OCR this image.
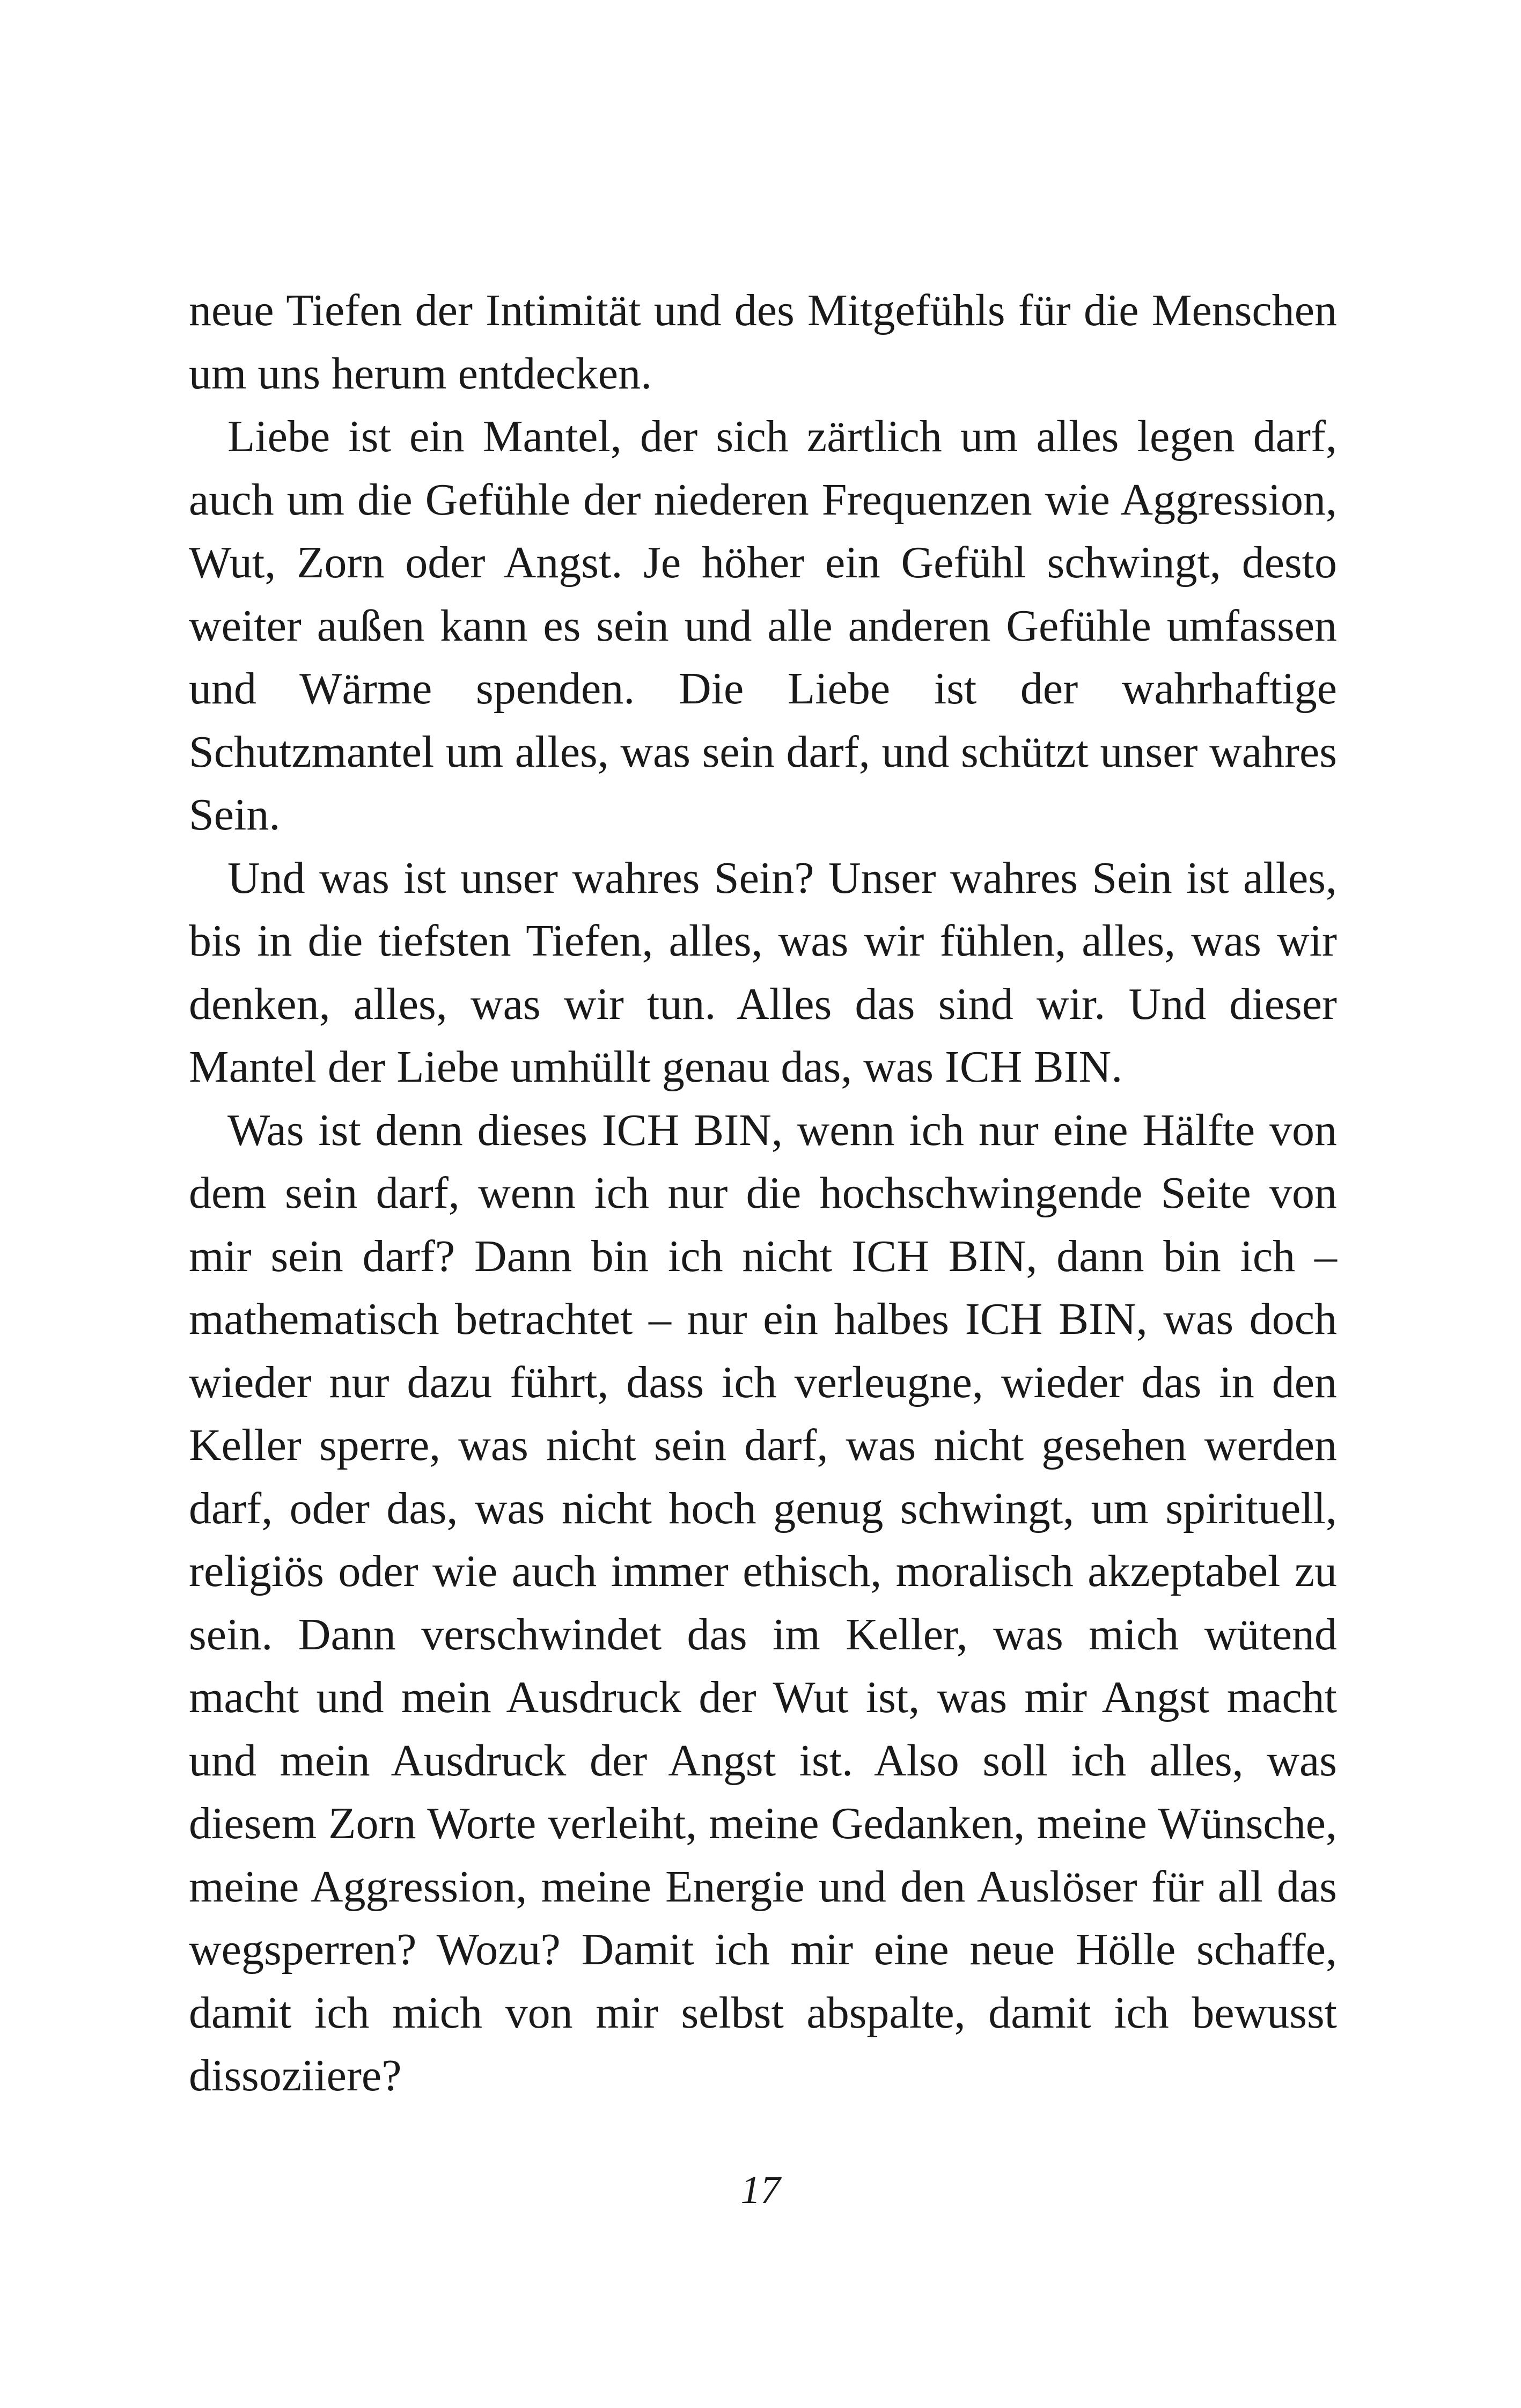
neue Tiefen der Intimität und des Mitgefühls für die Menschen um uns herum entdecken.

Liebe ist ein Mantel, der sich zärtlich um alles legen darf, auch um die Gefühle der niederen Frequenzen wie Aggression, Wut, Zorn oder Angst. Je höher ein Gefühl schwingt, desto weiter außen kann es sein und alle anderen Gefühle umfassen und Wärme spenden. Die Liebe ist der wahrhaftige Schutzmantel um alles, was sein darf, und schützt unser wahres Sein.

Und was ist unser wahres Sein? Unser wahres Sein ist alles, bis in die tiefsten Tiefen, alles, was wir fühlen, alles, was wir denken, alles, was wir tun. Alles das sind wir. Und dieser Mantel der Liebe umhüllt genau das, was ICH BIN.

Was ist denn dieses ICH BIN, wenn ich nur eine Hälfte von dem sein darf, wenn ich nur die hochschwingende Seite von mir sein darf? Dann bin ich nicht ICH BIN, dann bin ich – mathematisch betrachtet – nur ein halbes ICH BIN, was doch wieder nur dazu führt, dass ich verleugne, wieder das in den Keller sperre, was nicht sein darf, was nicht gesehen werden darf, oder das, was nicht hoch genug schwingt, um spirituell, religiös oder wie auch immer ethisch, moralisch akzeptabel zu sein. Dann verschwindet das im Keller, was mich wütend macht und mein Ausdruck der Wut ist, was mir Angst macht und mein Ausdruck der Angst ist. Also soll ich alles, was diesem Zorn Worte verleiht, meine Gedanken, meine Wünsche, meine Aggression, meine Energie und den Auslöser für all das wegsperren? Wozu? Damit ich mir eine neue Hölle schaffe, damit ich mich von mir selbst abspalte, damit ich bewusst dissoziiere?

17
